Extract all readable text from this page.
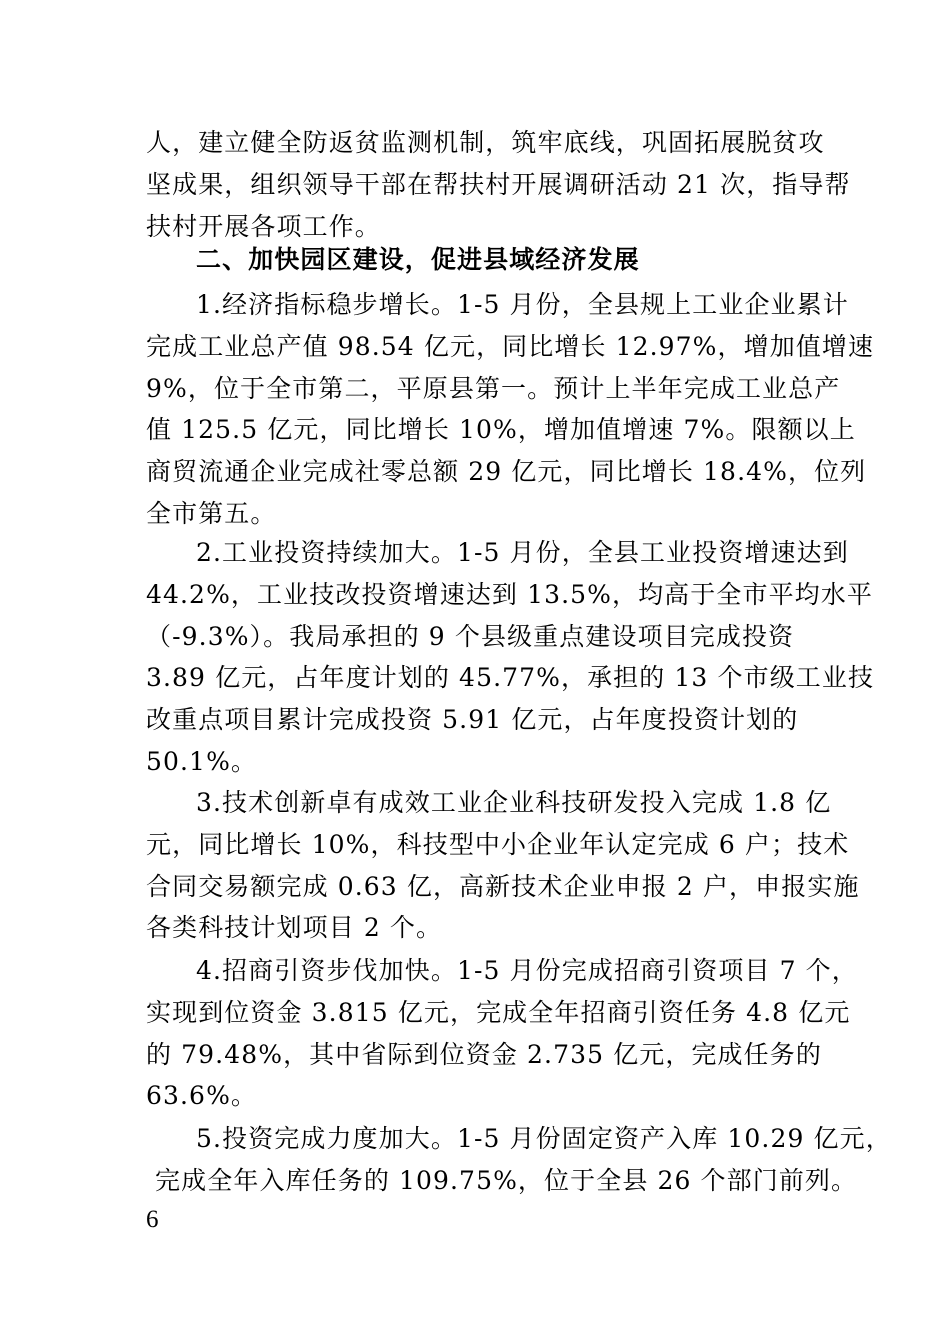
人，建立健全防返贫监测机制，筑牢底线，巩固拓展脱贫攻
坚成果，组织领导干部在帮扶村开展调研活动 21 次，指导帮
扶村开展各项工作。
二、加快园区建设，促进县域经济发展
1.经济指标稳步增长。1-5 月份，全县规上工业企业累计
完成工业总产值 98.54 亿元，同比增长 12.97%，增加值增速
9%，位于全市第二，平原县第一。预计上半年完成工业总产
值 125.5 亿元，同比增长 10%，增加值增速 7%。限额以上
商贸流通企业完成社零总额 29 亿元，同比增长 18.4%，位列
全市第五。
2.工业投资持续加大。1-5 月份，全县工业投资增速达到
44.2%，工业技改投资增速达到 13.5%，均高于全市平均水平
（-9.3%）。我局承担的 9 个县级重点建设项目完成投资
3.89 亿元，占年度计划的 45.77%，承担的 13 个市级工业技
改重点项目累计完成投资 5.91 亿元，占年度投资计划的
50.1%。
3.技术创新卓有成效工业企业科技研发投入完成 1.8 亿
元，同比增长 10%，科技型中小企业年认定完成 6 户；技术
合同交易额完成 0.63 亿，高新技术企业申报 2 户，申报实施
各类科技计划项目 2 个。
4.招商引资步伐加快。1-5 月份完成招商引资项目 7 个，
实现到位资金 3.815 亿元，完成全年招商引资任务 4.8 亿元
的 79.48%，其中省际到位资金 2.735 亿元，完成任务的
63.6%。
5.投资完成力度加大。1-5 月份固定资产入库 10.29 亿元，
完成全年入库任务的 109.75%，位于全县 26 个部门前列。
6
